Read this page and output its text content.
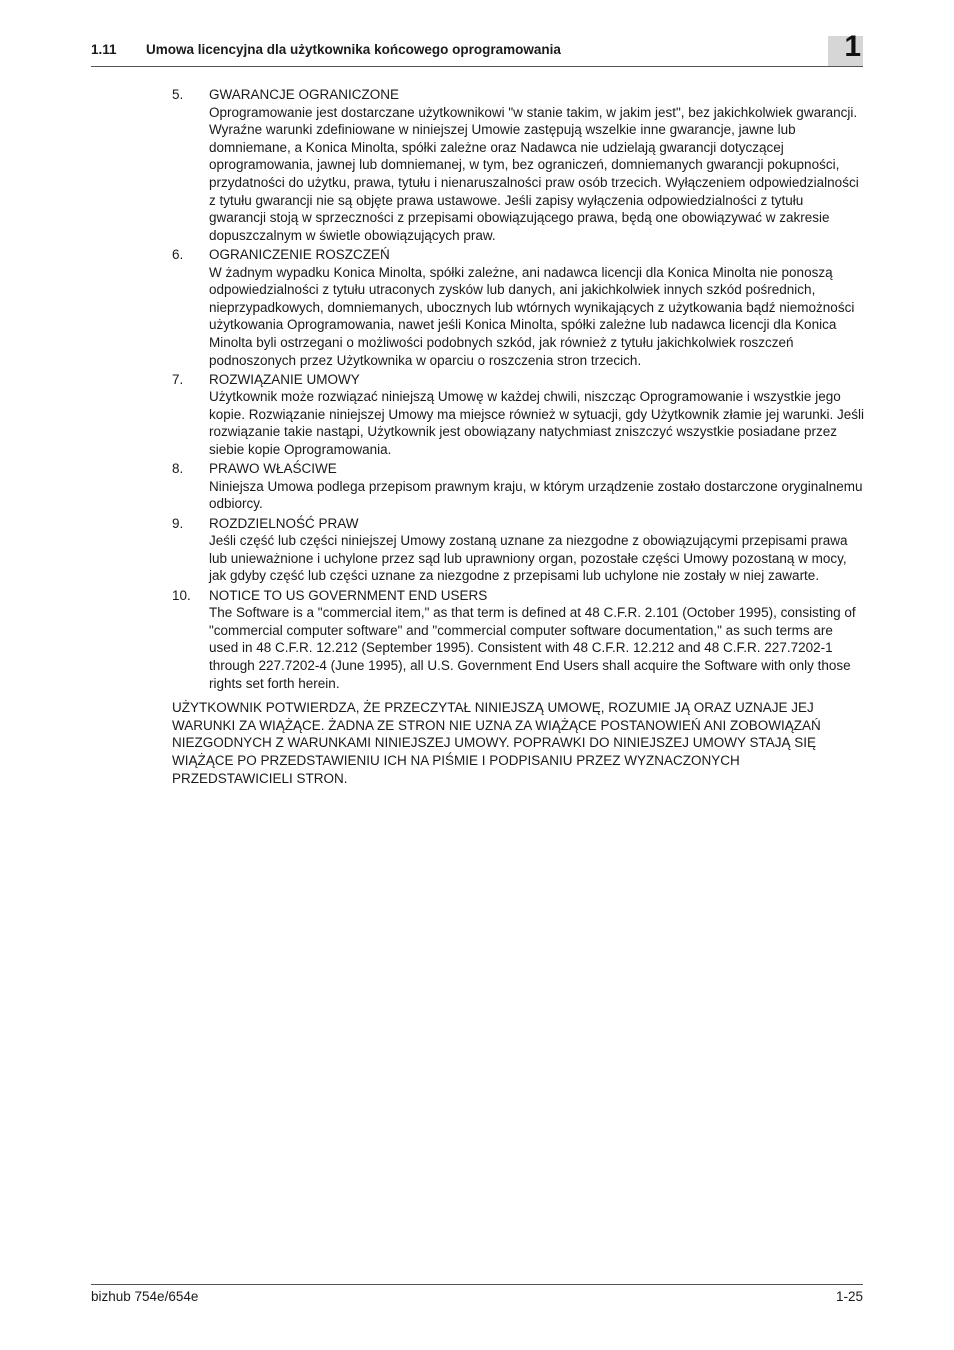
1.11 Umowa licencyjna dla użytkownika końcowego oprogramowania	1
5. GWARANCJE OGRANICZONE
Oprogramowanie jest dostarczane użytkownikowi "w stanie takim, w jakim jest", bez jakichkolwiek gwarancji. Wyraźne warunki zdefiniowane w niniejszej Umowie zastępują wszelkie inne gwarancje, jawne lub domniemane, a Konica Minolta, spółki zależne oraz Nadawca nie udzielają gwarancji dotyczącej oprogramowania, jawnej lub domniemanej, w tym, bez ograniczeń, domniemanych gwarancji pokupności, przydatności do użytku, prawa, tytułu i nienaruszalności praw osób trzecich. Wyłączeniem odpowiedzialności z tytułu gwarancji nie są objęte prawa ustawowe. Jeśli zapisy wyłączenia odpowiedzialności z tytułu gwarancji stoją w sprzeczności z przepisami obowiązującego prawa, będą one obowiązywać w zakresie dopuszczalnym w świetle obowiązujących praw.
6. OGRANICZENIE ROSZCZEŃ
W żadnym wypadku Konica Minolta, spółki zależne, ani nadawca licencji dla Konica Minolta nie ponoszą odpowiedzialności z tytułu utraconych zysków lub danych, ani jakichkolwiek innych szkód pośrednich, nieprzypadkowych, domniemanych, ubocznych lub wtórnych wynikających z użytkowania bądź niemożności użytkowania Oprogramowania, nawet jeśli Konica Minolta, spółki zależne lub nadawca licencji dla Konica Minolta byli ostrzegani o możliwości podobnych szkód, jak również z tytułu jakichkolwiek roszczeń podnoszonych przez Użytkownika w oparciu o roszczenia stron trzecich.
7. ROZWIĄZANIE UMOWY
Użytkownik może rozwiązać niniejszą Umowę w każdej chwili, niszcząc Oprogramowanie i wszystkie jego kopie. Rozwiązanie niniejszej Umowy ma miejsce również w sytuacji, gdy Użytkownik złamie jej warunki. Jeśli rozwiązanie takie nastąpi, Użytkownik jest obowiązany natychmiast zniszczyć wszystkie posiadane przez siebie kopie Oprogramowania.
8. PRAWO WŁAŚCIWE
Niniejsza Umowa podlega przepisom prawnym kraju, w którym urządzenie zostało dostarczone oryginalnemu odbiorcy.
9. ROZDZIELNOŚĆ PRAW
Jeśli część lub części niniejszej Umowy zostaną uznane za niezgodne z obowiązującymi przepisami prawa lub unieważnione i uchylone przez sąd lub uprawniony organ, pozostałe części Umowy pozostaną w mocy, jak gdyby część lub części uznane za niezgodne z przepisami lub uchylone nie zostały w niej zawarte.
10. NOTICE TO US GOVERNMENT END USERS
The Software is a "commercial item," as that term is defined at 48 C.F.R. 2.101 (October 1995), consisting of "commercial computer software" and "commercial computer software documentation," as such terms are used in 48 C.F.R. 12.212 (September 1995). Consistent with 48 C.F.R. 12.212 and 48 C.F.R. 227.7202-1 through 227.7202-4 (June 1995), all U.S. Government End Users shall acquire the Software with only those rights set forth herein.

UŻYTKOWNIK POTWIERDZA, ŻE PRZECZYTAŁ NINIEJSZĄ UMOWĘ, ROZUMIE JĄ ORAZ UZNAJE JEJ WARUNKI ZA WIĄŻĄCE. ŻADNA ZE STRON NIE UZNA ZA WIĄŻĄCE POSTANOWIEŃ ANI ZOBOWIĄZAŃ NIEZGODNYCH Z WARUNKAMI NINIEJSZEJ UMOWY. POPRAWKI DO NINIEJSZEJ UMOWY STAJĄ SIĘ WIĄŻĄCE PO PRZEDSTAWIENIU ICH NA PIŚMIE I PODPISANIU PRZEZ WYZNACZONYCH PRZEDSTAWICIELI STRON.

bizhub 754e/654e	1-25
